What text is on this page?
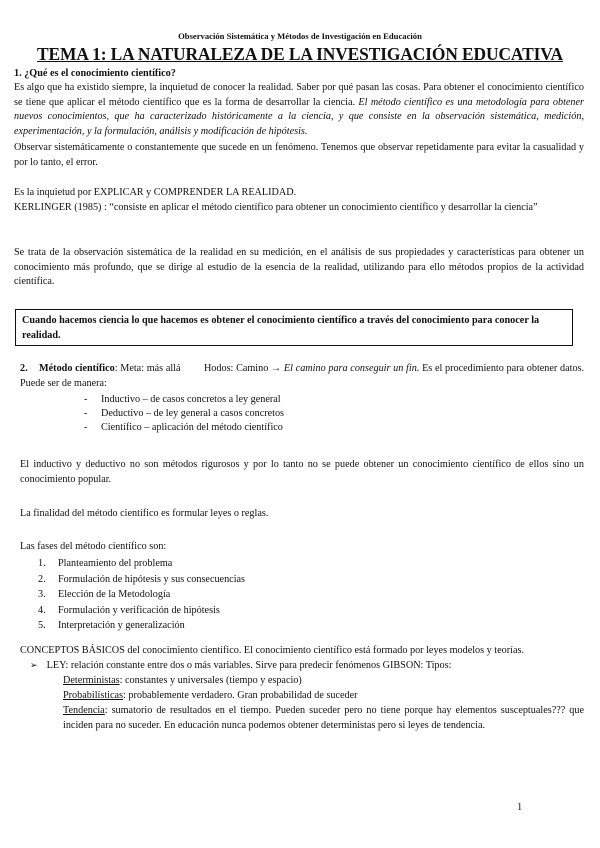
Observación Sistemática y Métodos de Investigación en Educación
TEMA 1: LA NATURALEZA DE LA INVESTIGACIÓN EDUCATIVA
1. ¿Qué es el conocimiento científico?

Es algo que ha existido siempre, la inquietud de conocer la realidad. Saber por qué pasan las cosas. Para obtener el conocimiento científico se tiene que aplicar el método científico que es la forma de desarrollar la ciencia. El método científico es una metodología para obtener nuevos conocimientos, que ha caracterizado históricamente a la ciencia, y que consiste en la observación sistemática, medición, experimentación, y la formulación, análisis y modificación de hipótesis.

Observar sistemáticamente o constantemente que sucede en un fenómeno. Tenemos que observar repetidamente para evitar la casualidad y por lo tanto, el error.

Es la inquietud por EXPLICAR y COMPRENDER LA REALIDAD.

KERLINGER (1985) : “consiste en aplicar el método científico para obtener un conocimiento científico y desarrollar la ciencia”

Se trata de la observación sistemática de la realidad en su medición, en el análisis de sus propiedades y características para obtener un conocimiento más profundo, que se dirige al estudio de la esencia de la realidad, utilizando para ello métodos propios de la actividad científica.

Cuando hacemos ciencia lo que hacemos es obtener el conocimiento científico a través del conocimiento para conocer la realidad.

2. Método científico: Meta: más allá Hodos: Camino → El camino para conseguir un fin. Es el procedimiento para obtener datos. Puede ser de manera:

- Inductivo – de casos concretos a ley general
- Deductivo – de ley general a casos concretos
- Científico – aplicación del método científico

El inductivo y deductivo no son métodos rigurosos y por lo tanto no se puede obtener un conocimiento científico de ellos sino un conocimiento popular.

La finalidad del método científico es formular leyes o reglas.

Las fases del método científico son:

1. Planteamiento del problema
2. Formulación de hipótesis y sus consecuencias
3. Elección de la Metodología
4. Formulación y verificación de hipótesis
5. Interpretación y generalización

CONCEPTOS BÁSICOS del conocimiento científico. El conocimiento científico está formado por leyes modelos y teorías.

➢ LEY: relación constante entre dos o más variables. Sirve para predecir fenómenos GIBSON: Tipos:

Deterministas: constantes y universales (tiempo y espacio)

Probabilísticas: probablemente verdadero. Gran probabilidad de suceder

Tendencia: sumatorio de resultados en el tiempo. Pueden suceder pero no tiene porque hay elementos susceptuales??? que inciden para no suceder. En educación nunca podemos obtener deterministas pero si leyes de tendencia.

1
